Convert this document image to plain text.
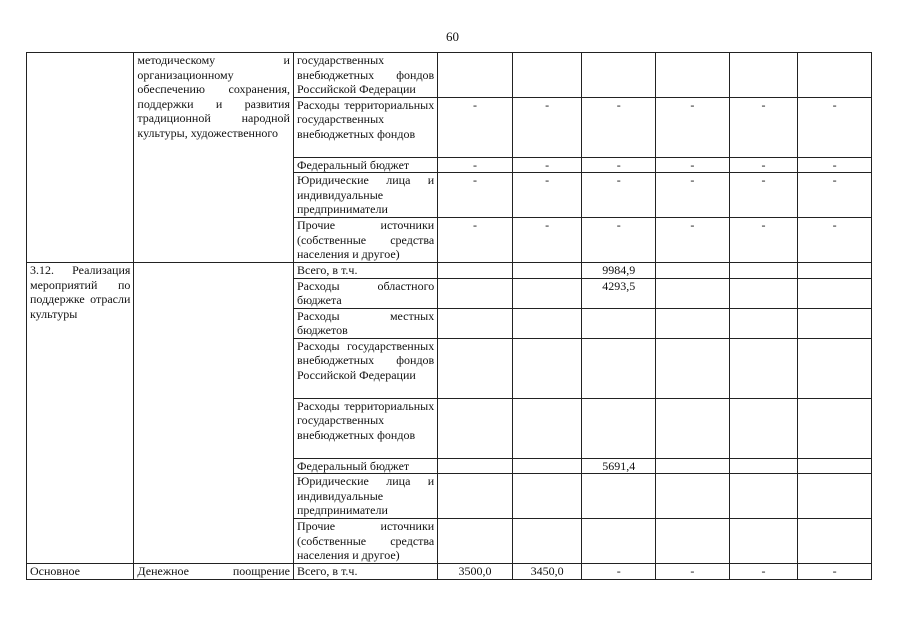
60
	методическому и организационному обеспечению сохранения, поддержки и развития традиционной народной культуры, художественного	государственных внебюджетных фондов Российской Федерации						
		Расходы территориальных государственных внебюджетных фондов	-	-	-	-	-	-
		Федеральный бюджет	-	-	-	-	-	-
		Юридические лица и индивидуальные предприниматели	-	-	-	-	-	-
		Прочие источники (собственные средства населения и другое)	-	-	-	-	-	-
3.12. Реализация мероприятий по поддержке отрасли культуры		Всего, в т.ч.			9984,9			
		Расходы областного бюджета			4293,5			
		Расходы местных бюджетов						
		Расходы государственных внебюджетных фондов Российской Федерации						
		Расходы территориальных государственных внебюджетных фондов						
		Федеральный бюджет			5691,4			
		Юридические лица и индивидуальные предприниматели						
		Прочие источники (собственные средства населения и другое)						
Основное	Денежное поощрение	Всего, в т.ч.	3500,0	3450,0	-	-	-	-
